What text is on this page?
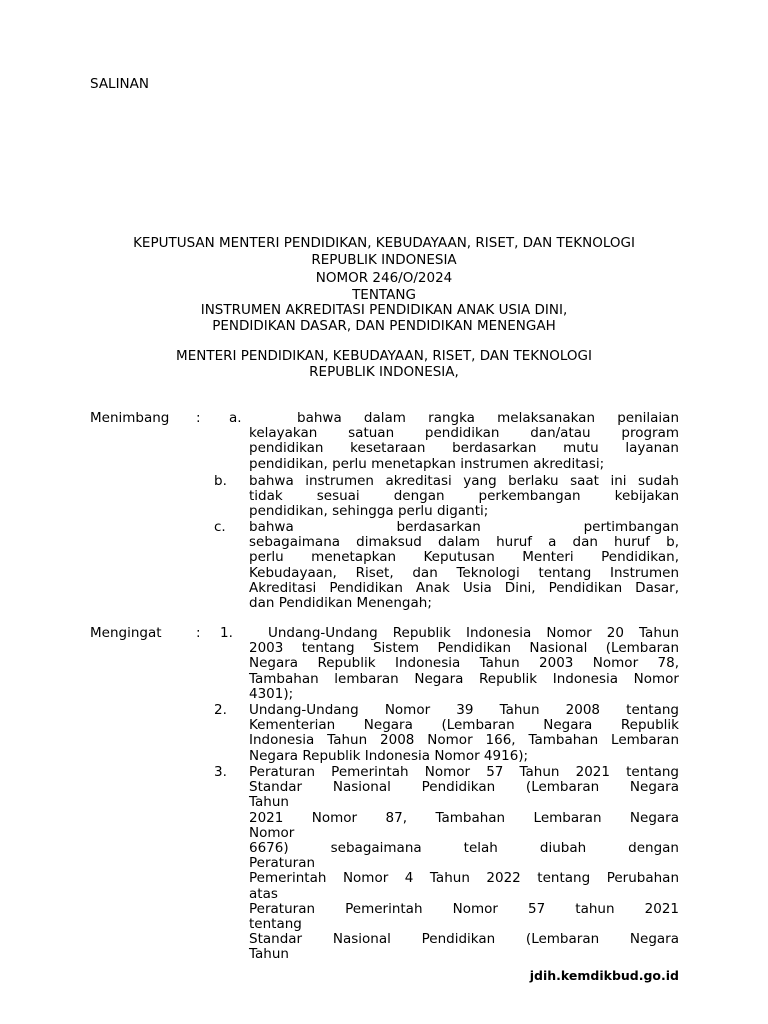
SALINAN
KEPUTUSAN MENTERI PENDIDIKAN, KEBUDAYAAN, RISET, DAN TEKNOLOGI
REPUBLIK INDONESIA
NOMOR 246/O/2024
TENTANG
INSTRUMEN AKREDITASI PENDIDIKAN ANAK USIA DINI,
PENDIDIKAN DASAR, DAN PENDIDIKAN MENENGAH
MENTERI PENDIDIKAN, KEBUDAYAAN, RISET, DAN TEKNOLOGI
REPUBLIK INDONESIA,
Menimbang : a.	bahwa dalam rangka melaksanakan penilaian
kelayakan satuan pendidikan dan/atau program
pendidikan kesetaraan berdasarkan mutu layanan
pendidikan, perlu menetapkan instrumen akreditasi;
b. bahwa instrumen akreditasi yang berlaku saat ini sudah
tidak sesuai dengan perkembangan kebijakan
pendidikan, sehingga perlu diganti;
c. bahwa berdasarkan pertimbangan
sebagaimana dimaksud dalam huruf a dan huruf b,
perlu menetapkan Keputusan Menteri Pendidikan,
Kebudayaan, Riset, dan Teknologi tentang Instrumen
Akreditasi Pendidikan Anak Usia Dini, Pendidikan Dasar,
dan Pendidikan Menengah;
Mengingat	: 1.	Undang-Undang Republik Indonesia Nomor 20 Tahun
2003 tentang Sistem Pendidikan Nasional (Lembaran
Negara Republik Indonesia Tahun 2003 Nomor 78,
Tambahan lembaran Negara Republik Indonesia Nomor
4301);
2. Undang-Undang Nomor 39 Tahun 2008 tentang
Kementerian Negara (Lembaran Negara Republik
Indonesia Tahun 2008 Nomor 166, Tambahan Lembaran
Negara Republik Indonesia Nomor 4916);
3. Peraturan Pemerintah Nomor 57 Tahun 2021 tentang
Standar Nasional Pendidikan (Lembaran Negara
Tahun
2021 Nomor 87, Tambahan Lembaran Negara
Nomor
6676) sebagaimana telah diubah dengan
Peraturan
Pemerintah Nomor 4 Tahun 2022 tentang Perubahan
atas
Peraturan Pemerintah Nomor 57 tahun 2021
tentang
Standar Nasional Pendidikan (Lembaran Negara
Tahun
jdih.kemdikbud.go.id
